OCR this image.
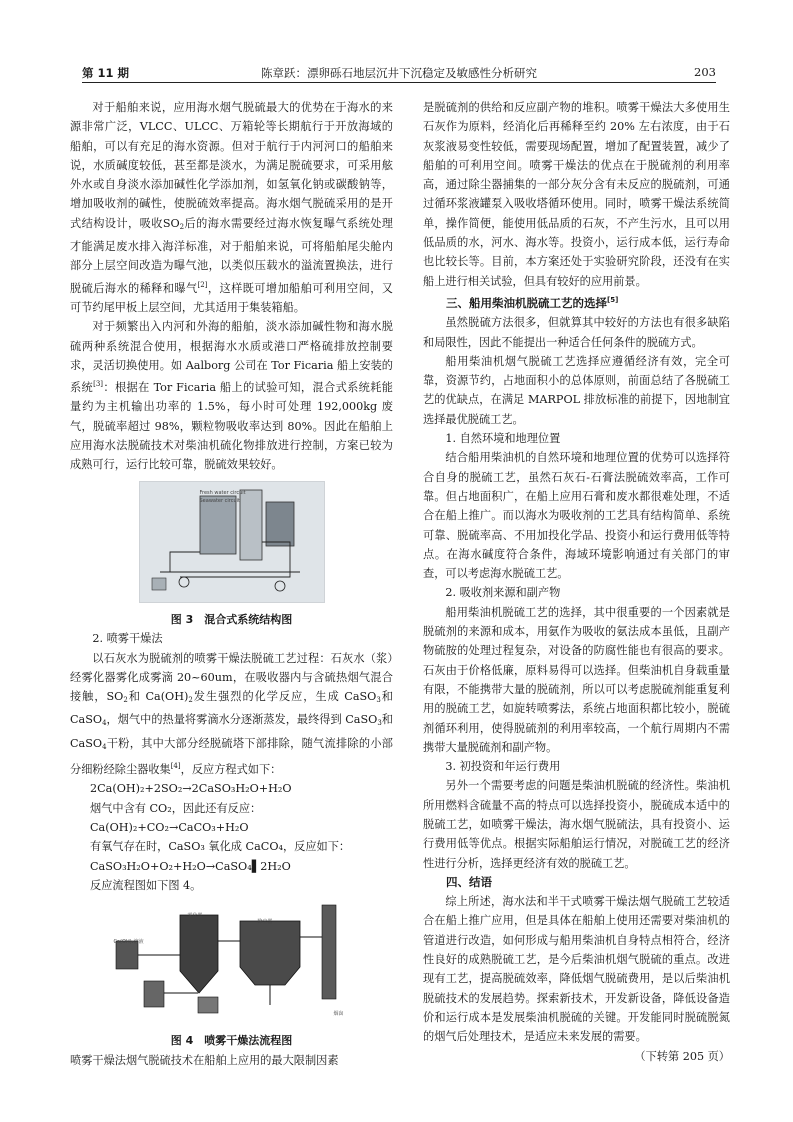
第 11 期	陈章跃：漂卵砾石地层沉井下沉稳定及敏感性分析研究	203

对于船舶来说，应用海水烟气脱硫最大的优势在于海水的来源非常广泛，VLCC、ULCC、万箱轮等长期航行于开放海域的船舶，可以有充足的海水资源。但对于航行于内河河口的船舶来说，水质碱度较低，甚至都是淡水，为满足脱硫要求，可采用舷外水或自身淡水添加碱性化学添加剂，如氢氧化钠或碳酸钠等，增加吸收剂的碱性，使脱硫效率提高。海水烟气脱硫采用的是开式结构设计，吸收$SO_2$后的海水需要经过海水恢复曝气系统处理才能满足废水排入海洋标准，对于船舶来说，可将船舶尾尖舱内部分上层空间改造为曝气池，以类似压载水的溢流置换法，进行脱硫后海水的稀释和曝气[2]，这样既可增加船舶可利用空间，又可节约尾甲板上层空间，尤其适用于集装箱船。

对于频繁出入内河和外海的船舶，淡水添加碱性物和海水脱硫两种系统混合使用，根据海水水质或港口严格硫排放控制要求，灵活切换使用。如 Aalborg 公司在 Tor Ficaria 船上安装的系统[3]：根据在 Tor Ficaria 船上的试验可知，混合式系统耗能量约为主机输出功率的 1.5%，每小时可处理 192,000kg 废气，脱硫率超过 98%，颗粒物吸收率达到 80%。因此在船舶上应用海水法脱硫技术对柴油机硫化物排放进行控制，方案已较为成熟可行，运行比较可靠，脱硫效果较好。

Fresh water circuit
Seawater circuit
图 3　混合式系统结构图

2. 喷雾干燥法

以石灰水为脱硫剂的喷雾干燥法脱硫工艺过程：石灰水（浆）经雾化器雾化成雾滴 20~60um，在吸收器内与含硫热烟气混合接触，$SO_2$和 $Ca(OH)_2$发生强烈的化学反应，生成 CaSO$_3$和 CaSO$_4$，烟气中的热量将雾滴水分逐渐蒸发，最终得到 CaSO$_3$和 CaSO$_4$干粉，其中大部分经脱硫塔下部排除，随气流排除的小部分细粉经除尘器收集[4]，反应方程式如下：

2Ca(OH)₂+2SO₂→2CaSO₃H₂O+H₂O
烟气中含有 CO₂，因此还有反应：
Ca(OH)₂+CO₂→CaCO₃+H₂O
有氧气存在时，CaSO₃ 氧化成 CaCO₄，反应如下：
CaSO₃H₂O+O₂+H₂O→CaSO₄▌2H₂O
反应流程图如下图 4。
Ca(OH)₂溶液
雾化器
除尘器
烟囱
图 4　喷雾干燥法流程图

喷雾干燥法烟气脱硫技术在船舶上应用的最大限制因素

是脱硫剂的供给和反应副产物的堆积。喷雾干燥法大多使用生石灰作为原料，经消化后再稀释至约 20% 左右浓度，由于石灰浆液易变性较低，需要现场配置，增加了配置装置，减少了船舶的可利用空间。喷雾干燥法的优点在于脱硫剂的利用率高，通过除尘器捕集的一部分灰分含有未反应的脱硫剂，可通过循环浆液罐泵入吸收塔循环使用。同时，喷雾干燥法系统简单，操作简便，能使用低品质的石灰，不产生污水，且可以用低品质的水，河水、海水等。投资小，运行成本低，运行寿命也比较长等。目前，本方案还处于实验研究阶段，还没有在实船上进行相关试验，但具有较好的应用前景。

三、船用柴油机脱硫工艺的选择[5]

虽然脱硫方法很多，但就算其中较好的方法也有很多缺陷和局限性，因此不能提出一种适合任何条件的脱硫方式。

船用柴油机烟气脱硫工艺选择应遵循经济有效，完全可靠，资源节约，占地面积小的总体原则，前面总结了各脱硫工艺的优缺点，在满足 MARPOL 排放标准的前提下，因地制宜选择最优脱硫工艺。

1. 自然环境和地理位置

结合船用柴油机的自然环境和地理位置的优势可以选择符合自身的脱硫工艺，虽然石灰石-石膏法脱硫效率高，工作可靠。但占地面积广，在船上应用石膏和废水都很难处理，不适合在船上推广。而以海水为吸收剂的工艺具有结构简单、系统可靠、脱硫率高、不用加投化学品、投资小和运行费用低等特点。在海水碱度符合条件，海域环境影响通过有关部门的审查，可以考虑海水脱硫工艺。

2. 吸收剂来源和副产物

船用柴油机脱硫工艺的选择，其中很重要的一个因素就是脱硫剂的来源和成本，用氨作为吸收的氨法成本虽低，且副产物硫胺的处理过程复杂，对设备的防腐性能也有很高的要求。石灰由于价格低廉，原料易得可以选择。但柴油机自身载重量有限，不能携带大量的脱硫剂，所以可以考虑脱硫剂能重复利用的脱硫工艺，如旋转喷雾法，系统占地面积都比较小，脱硫剂循环利用，使得脱硫剂的利用率较高，一个航行周期内不需携带大量脱硫剂和副产物。

3. 初投资和年运行费用

另外一个需要考虑的问题是柴油机脱硫的经济性。柴油机所用燃料含硫量不高的特点可以选择投资小，脱硫成本适中的脱硫工艺，如喷雾干燥法，海水烟气脱硫法，具有投资小、运行费用低等优点。根据实际船舶运行情况，对脱硫工艺的经济性进行分析，选择更经济有效的脱硫工艺。

四、结语

综上所述，海水法和半干式喷雾干燥法烟气脱硫工艺较适合在船上推广应用，但是具体在船舶上使用还需要对柴油机的管道进行改造，如何形成与船用柴油机自身特点相符合，经济性良好的成熟脱硫工艺，是今后柴油机烟气脱硫的重点。改进现有工艺，提高脱硫效率，降低烟气脱硫费用，是以后柴油机脱硫技术的发展趋势。探索新技术，开发新设备，降低设备造价和运行成本是发展柴油机脱硫的关键。开发能同时脱硫脱氮的烟气后处理技术，是适应未来发展的需要。

（下转第 205 页）
